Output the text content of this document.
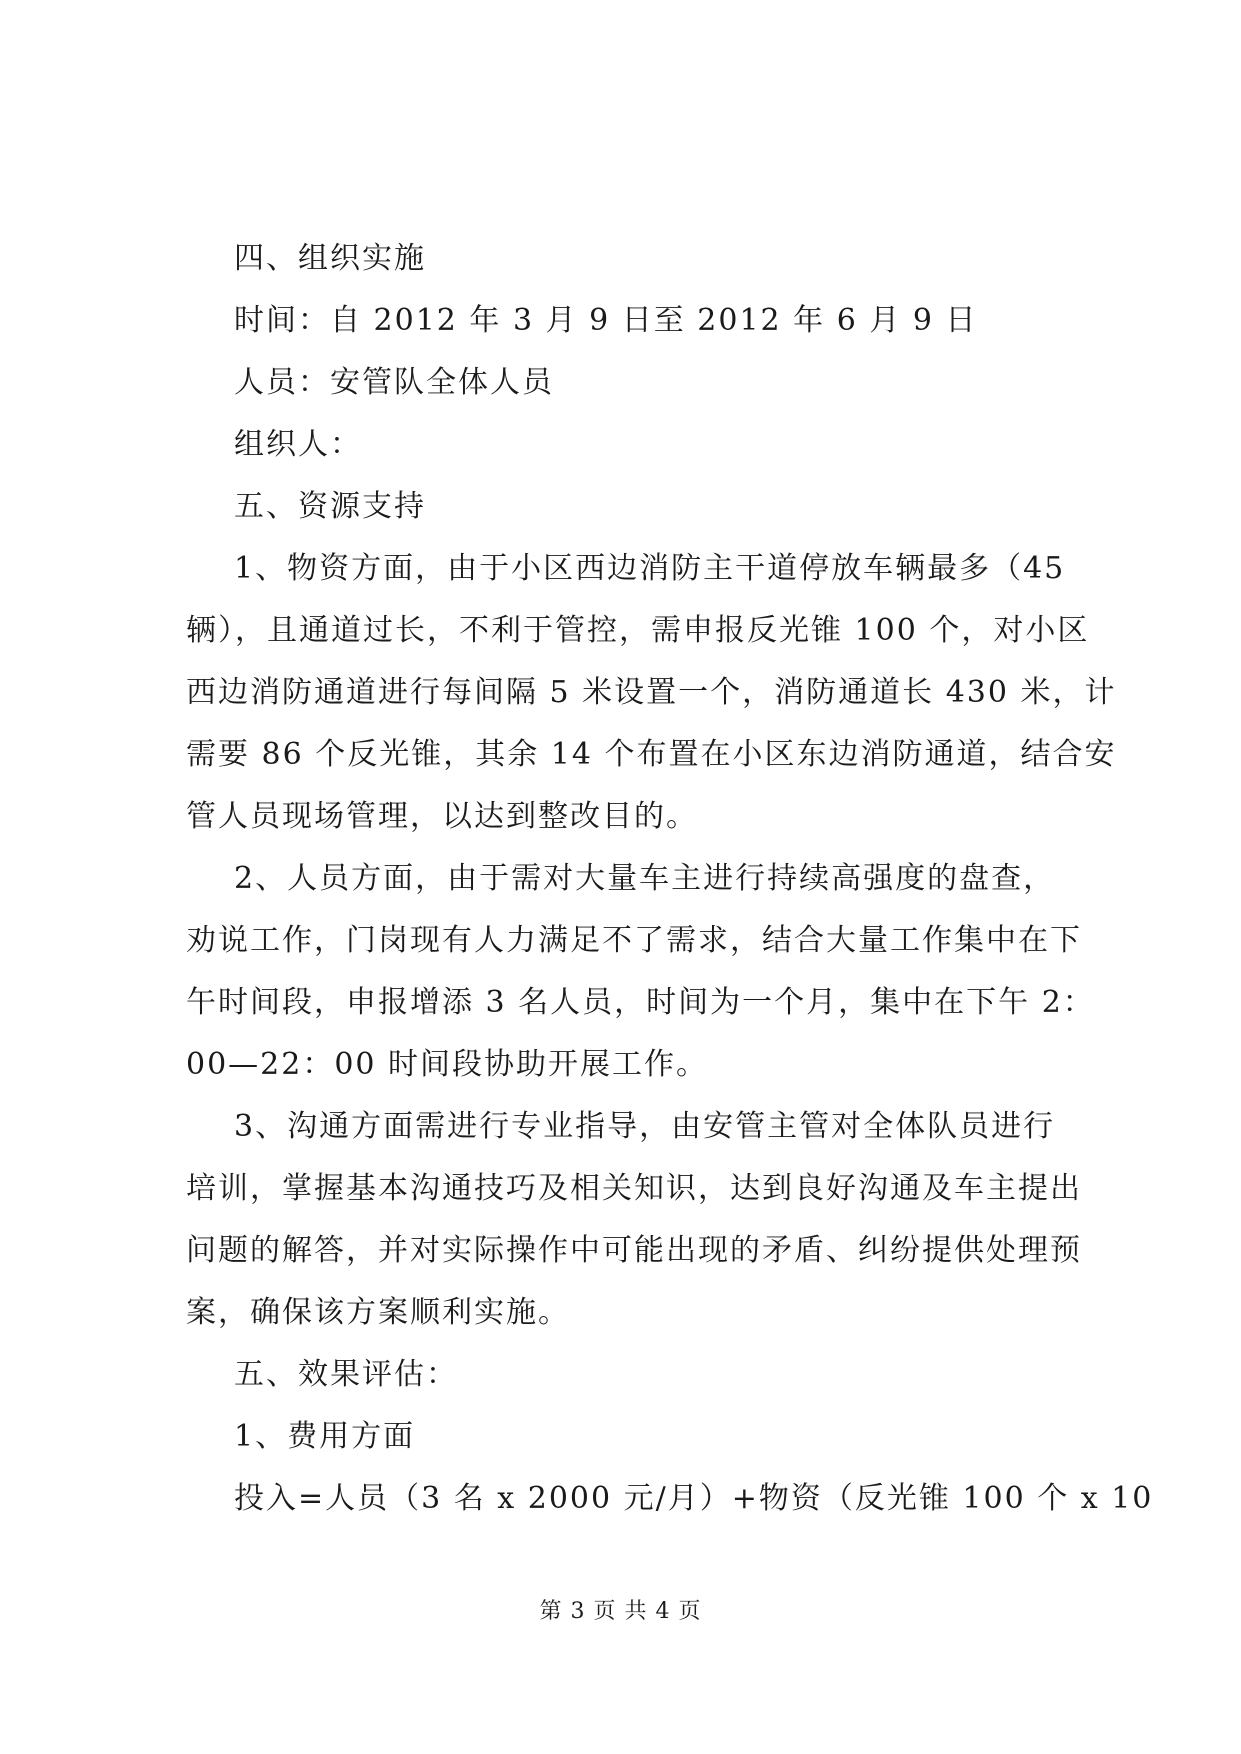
四、组织实施
时间：自 2012 年 3 月 9 日至 2012 年 6 月 9 日
人员：安管队全体人员
组织人：
五、资源支持
1、物资方面，由于小区西边消防主干道停放车辆最多（45
辆），且通道过长，不利于管控，需申报反光锥 100 个，对小区
西边消防通道进行每间隔 5 米设置一个，消防通道长 430 米，计
需要 86 个反光锥，其余 14 个布置在小区东边消防通道，结合安
管人员现场管理，以达到整改目的。
2、人员方面，由于需对大量车主进行持续高强度的盘查，
劝说工作，门岗现有人力满足不了需求，结合大量工作集中在下
午时间段，申报增添 3 名人员，时间为一个月，集中在下午 2：
00—22：00 时间段协助开展工作。
3、沟通方面需进行专业指导，由安管主管对全体队员进行
培训，掌握基本沟通技巧及相关知识，达到良好沟通及车主提出
问题的解答，并对实际操作中可能出现的矛盾、纠纷提供处理预
案，确保该方案顺利实施。
五、效果评估：
1、费用方面
投入=人员（3 名 x 2000 元/月）+物资（反光锥 100 个 x 10
第 3 页 共 4 页
